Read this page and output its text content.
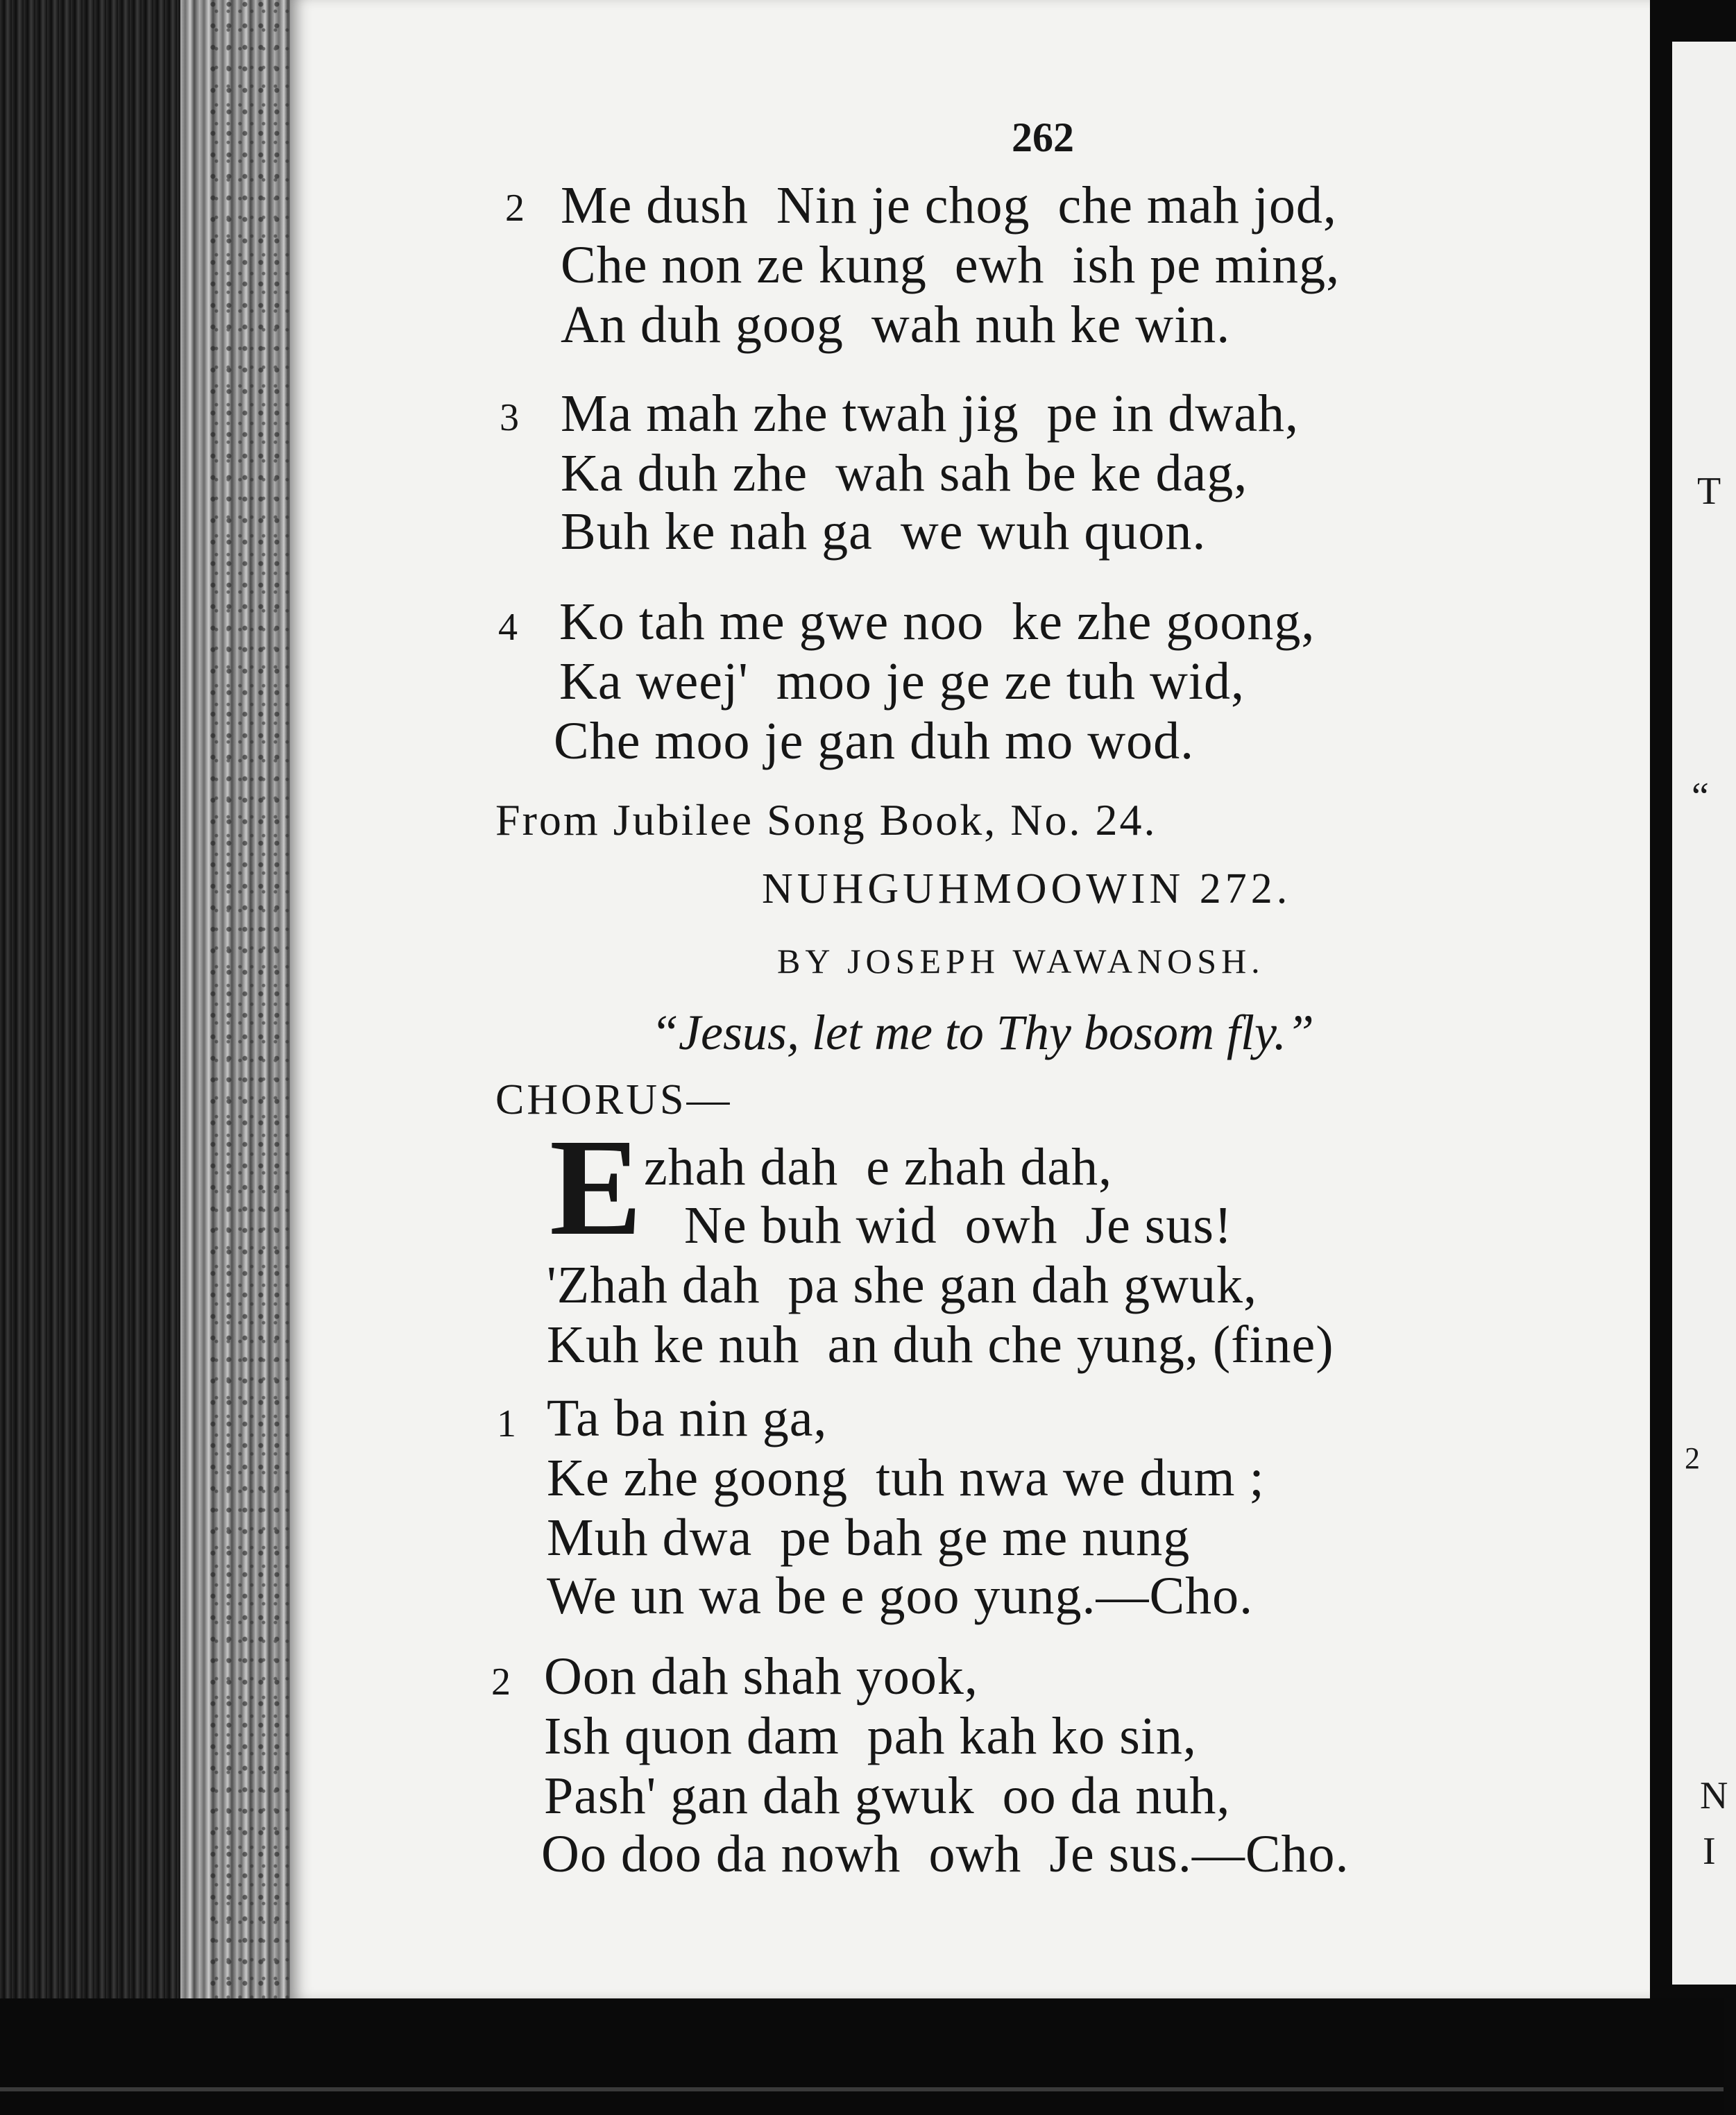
262
2 Me dush  Nin je chog  che mah jod,
Che non ze kung  ewh  ish pe ming,
An duh goog  wah nuh ke win.
3 Ma mah zhe twah jig  pe in dwah,
Ka duh zhe  wah sah be ke dag,
Buh ke nah ga  we wuh quon.
4 Ko tah me gwe noo  ke zhe goong,
Ka weej'  moo je ge ze tuh wid,
Che moo je gan duh mo wod.
From Jubilee Song Book, No. 24.
NUHGUHMOOWIN 272.
BY JOSEPH WAWANOSH.
“Jesus, let me to Thy bosom fly.”
CHORUS—
E zhah dah  e zhah dah,
Ne buh wid  owh  Je sus!
'Zhah dah  pa she gan dah gwuk,
Kuh ke nuh  an duh che yung, (fine)
1 Ta ba nin ga,
Ke zhe goong  tuh nwa we dum ;
Muh dwa  pe bah ge me nung
We un wa be e goo yung.—Cho.
2 Oon dah shah yook,
Ish quon dam  pah kah ko sin,
Pash' gan dah gwuk  oo da nuh,
Oo doo da nowh  owh  Je sus.—Cho.
T
“
2
N
I
